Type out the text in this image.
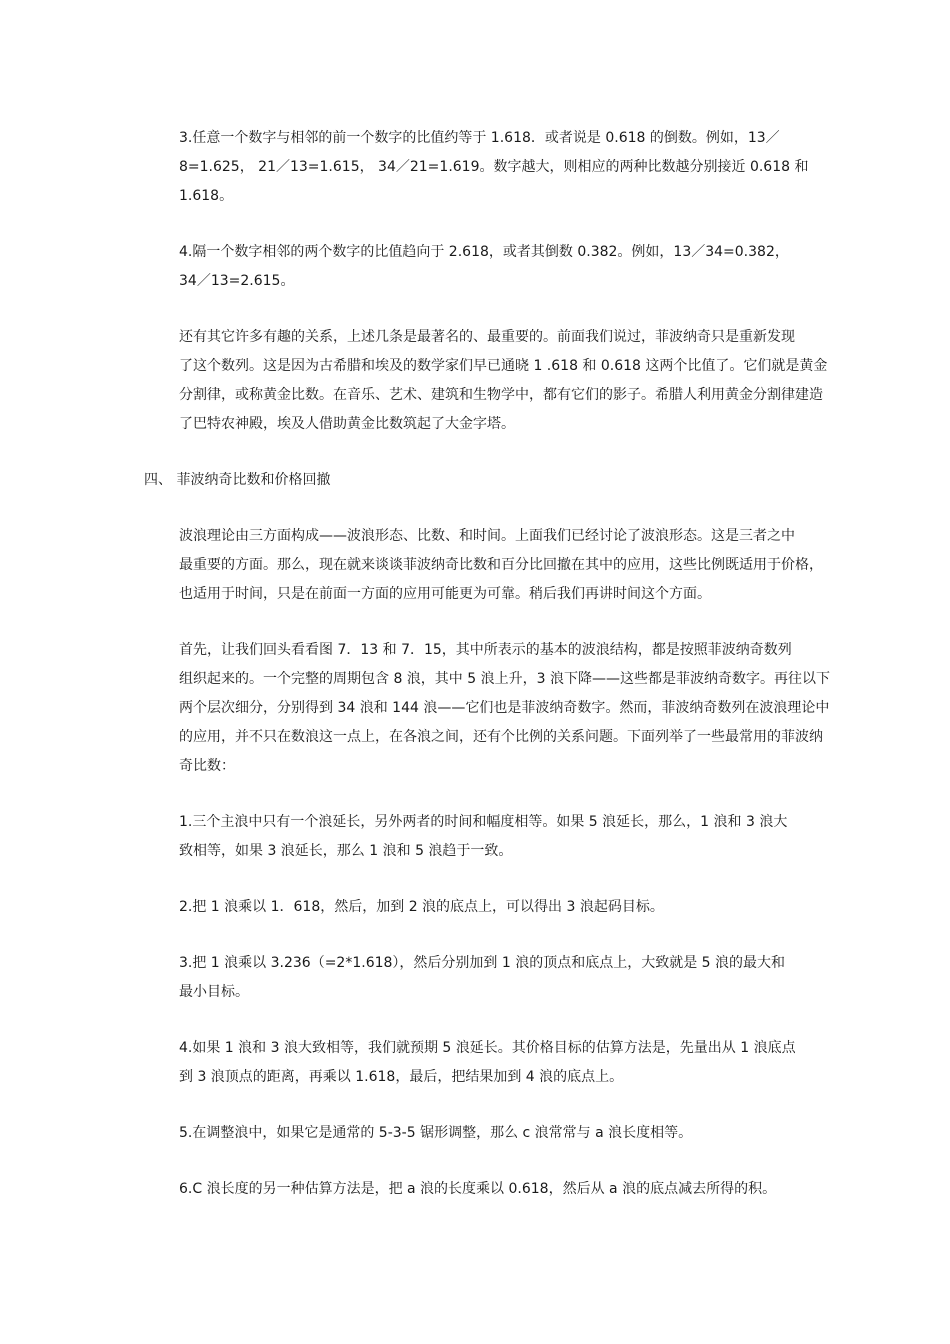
3.任意一个数字与相邻的前一个数字的比值约等于 1.618．或者说是 0.618 的倒数。例如，13／
8=1.625， 21／13=1.615， 34／21=1.619。数字越大，则相应的两种比数越分别接近 0.618 和
1.618。

4.隔一个数字相邻的两个数字的比值趋向于 2.618，或者其倒数 0.382。例如，13／34=0.382，
34／13=2.615。

还有其它许多有趣的关系，上述几条是最著名的、最重要的。前面我们说过，菲波纳奇只是重新发现
了这个数列。这是因为古希腊和埃及的数学家们早已通晓 1 .618 和 0.618 这两个比值了。它们就是黄金
分割律，或称黄金比数。在音乐、艺术、建筑和生物学中，都有它们的影子。希腊人利用黄金分割律建造
了巴特农神殿，埃及人借助黄金比数筑起了大金字塔。

四、 菲波纳奇比数和价格回撤

波浪理论由三方面构成——波浪形态、比数、和时间。上面我们已经讨论了波浪形态。这是三者之中
最重要的方面。那么，现在就来谈谈菲波纳奇比数和百分比回撤在其中的应用，这些比例既适用于价格，
也适用于时间，只是在前面一方面的应用可能更为可靠。稍后我们再讲时间这个方面。

首先，让我们回头看看图 7．13 和 7．15，其中所表示的基本的波浪结构，都是按照菲波纳奇数列
组织起来的。一个完整的周期包含 8 浪，其中 5 浪上升，3 浪下降——这些都是菲波纳奇数字。再往以下
两个层次细分，分别得到 34 浪和 144 浪——它们也是菲波纳奇数字。然而，菲波纳奇数列在波浪理论中
的应用，并不只在数浪这一点上，在各浪之间，还有个比例的关系问题。下面列举了一些最常用的菲波纳
奇比数：

1.三个主浪中只有一个浪延长，另外两者的时间和幅度相等。如果 5 浪延长，那么，1 浪和 3 浪大
致相等，如果 3 浪延长，那么 1 浪和 5 浪趋于一致。

2.把 1 浪乘以 1．618，然后，加到 2 浪的底点上，可以得出 3 浪起码目标。

3.把 1 浪乘以 3.236（=2*1.618），然后分别加到 1 浪的顶点和底点上，大致就是 5 浪的最大和
最小目标。

4.如果 1 浪和 3 浪大致相等，我们就预期 5 浪延长。其价格目标的估算方法是，先量出从 1 浪底点
到 3 浪顶点的距离，再乘以 1.618，最后，把结果加到 4 浪的底点上。

5.在调整浪中，如果它是通常的 5-3-5 锯形调整，那么 c 浪常常与 a 浪长度相等。

6.C 浪长度的另一种估算方法是，把 a 浪的长度乘以 0.618，然后从 a 浪的底点减去所得的积。
